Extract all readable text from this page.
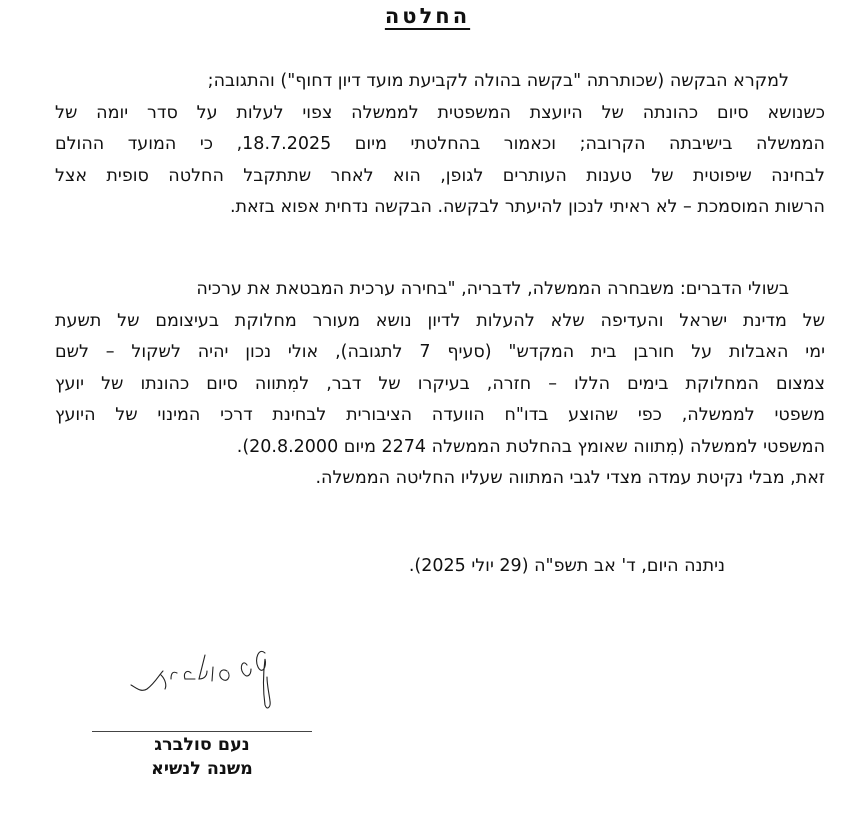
החלטה
למקרא הבקשה (שכותרתה "בקשה בהולה לקביעת מועד דיון דחוף") והתגובה;
כשנושא סיום כהונתה של היועצת המשפטית לממשלה צפוי לעלות על סדר יומה של
הממשלה בישיבתה הקרובה; וכאמור בהחלטתי מיום 18.7.2025, כי המועד ההולם
לבחינה שיפוטית של טענות העותרים לגופן, הוא לאחר שתתקבל החלטה סופית אצל
הרשות המוסמכת – לא ראיתי לנכון להיעתר לבקשה. הבקשה נדחית אפוא בזאת.
בשולי הדברים: משבחרה הממשלה, לדבריה, "בחירה ערכית המבטאת את ערכיה
של מדינת ישראל והעדיפה שלא להעלות לדיון נושא מעורר מחלוקת בעיצומם של תשעת
ימי האבלות על חורבן בית המקדש" (סעיף 7 לתגובה), אולי נכון יהיה לשקול – לשם
צמצום המחלוקת בימים הללו – חזרה, בעיקרו של דבר, למִתווה סיום כהונתו של יועץ
משפטי לממשלה, כפי שהוצע בדו"ח הוועדה הציבורית לבחינת דרכי המינוי של היועץ
המשפטי לממשלה (מִתווה שאומץ בהחלטת הממשלה 2274 מיום 20.8.2000).
זאת, מבלי נקיטת עמדה מצדי לגבי המתווה שעליו החליטה הממשלה.
ניתנה היום, ד' אב תשפ"ה (29 יולי 2025).
נעם סולברג
משנה לנשיא
